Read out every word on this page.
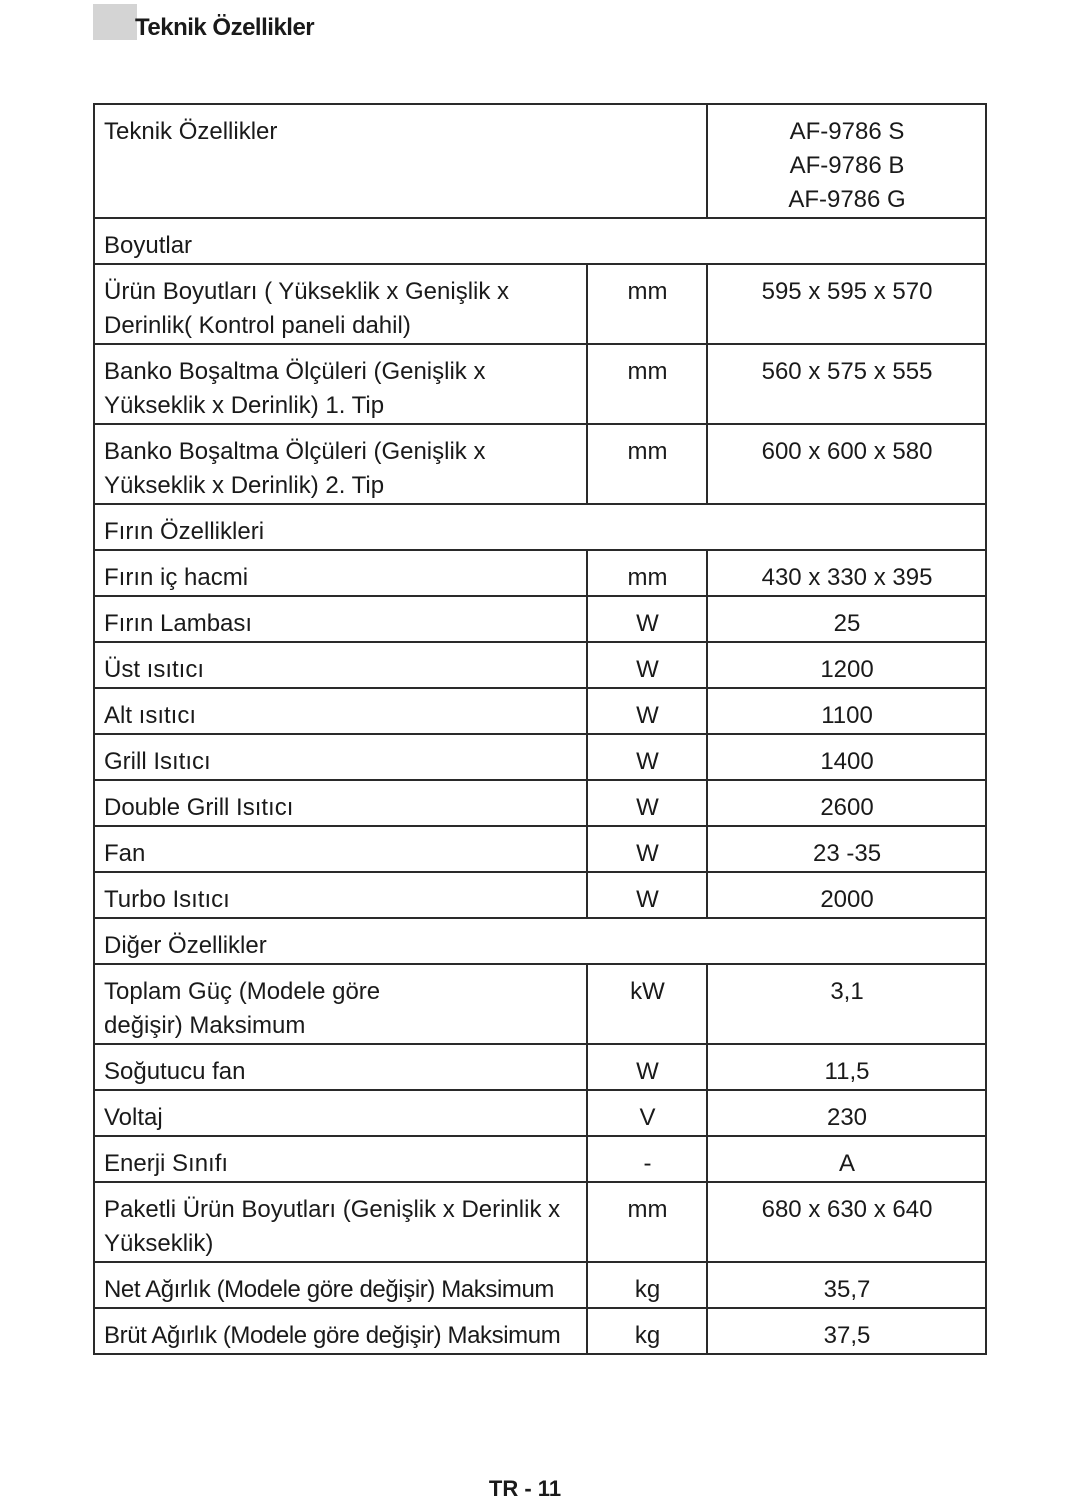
Teknik Özellikler
Teknik Özellikler		AF-9786 S
AF-9786 B
AF-9786 G

Boyutlar		
Ürün Boyutları ( Yükseklik x Genişlik x Derinlik( Kontrol paneli dahil)	mm	595 x 595 x 570
Banko Boşaltma Ölçüleri (Genişlik x Yükseklik x Derinlik) 1. Tip	mm	560 x 575 x 555
Banko Boşaltma Ölçüleri (Genişlik x Yükseklik x Derinlik) 2. Tip	mm	600 x 600 x 580
Fırın Özellikleri		
Fırın iç hacmi	mm	430 x 330 x 395
Fırın Lambası	W	25
Üst ısıtıcı	W	1200
Alt ısıtıcı	W	1100
Grill Isıtıcı	W	1400
Double Grill Isıtıcı	W	2600
Fan	W	23 -35
Turbo Isıtıcı	W	2000
Diğer Özellikler		

Toplam Güç (Modele göre değişir) Maksimum	kW	3,1
Soğutucu fan	W	11,5
Voltaj	V	230
Enerji Sınıfı	-	A
Paketli Ürün Boyutları (Genişlik x Derinlik x Yükseklik)	mm	680 x 630 x 640
Net Ağırlık (Modele göre değişir) Maksimum	kg	35,7
Brüt Ağırlık (Modele göre değişir) Maksimum	kg	37,5
TR - 11
